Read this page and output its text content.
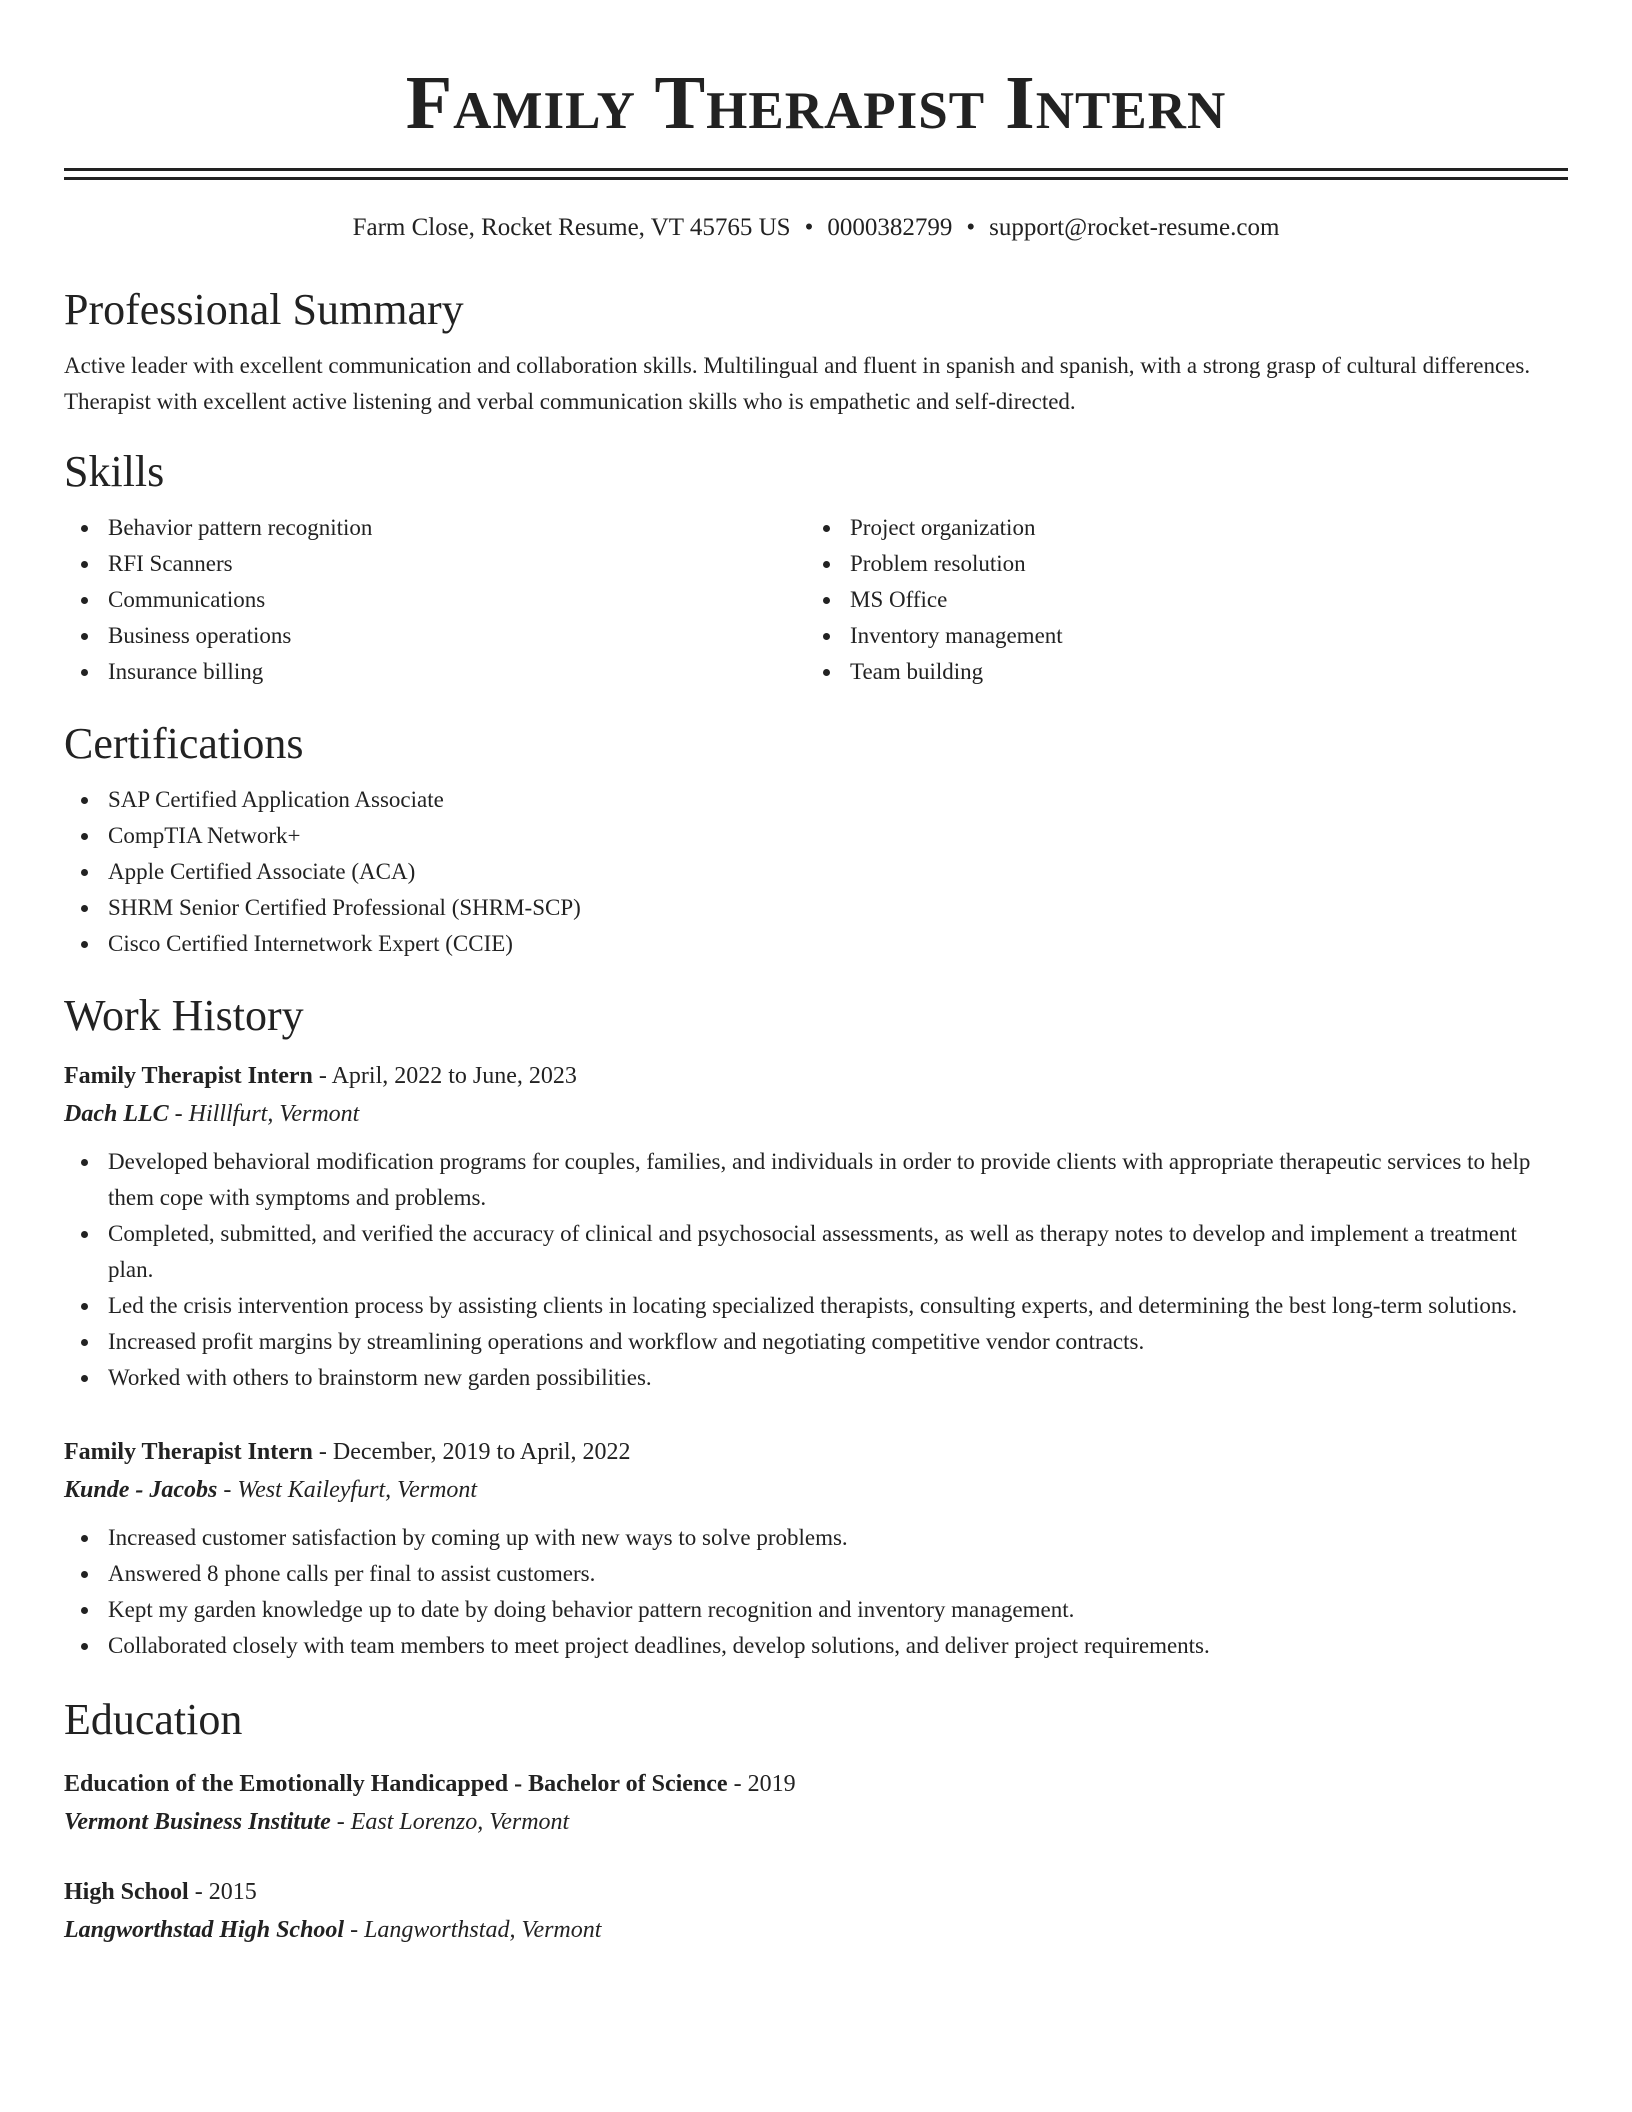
Family Therapist Intern
Farm Close, Rocket Resume, VT 45765 US • 0000382799 • support@rocket-resume.com
Professional Summary
Active leader with excellent communication and collaboration skills. Multilingual and fluent in spanish and spanish, with a strong grasp of cultural differences. Therapist with excellent active listening and verbal communication skills who is empathetic and self-directed.
Skills
Behavior pattern recognition
RFI Scanners
Communications
Business operations
Insurance billing
Project organization
Problem resolution
MS Office
Inventory management
Team building
Certifications
SAP Certified Application Associate
CompTIA Network+
Apple Certified Associate (ACA)
SHRM Senior Certified Professional (SHRM-SCP)
Cisco Certified Internetwork Expert (CCIE)
Work History
Family Therapist Intern - April, 2022 to June, 2023
Dach LLC - Hilllfurt, Vermont
Developed behavioral modification programs for couples, families, and individuals in order to provide clients with appropriate therapeutic services to help them cope with symptoms and problems.
Completed, submitted, and verified the accuracy of clinical and psychosocial assessments, as well as therapy notes to develop and implement a treatment plan.
Led the crisis intervention process by assisting clients in locating specialized therapists, consulting experts, and determining the best long-term solutions.
Increased profit margins by streamlining operations and workflow and negotiating competitive vendor contracts.
Worked with others to brainstorm new garden possibilities.
Family Therapist Intern - December, 2019 to April, 2022
Kunde - Jacobs - West Kaileyfurt, Vermont
Increased customer satisfaction by coming up with new ways to solve problems.
Answered 8 phone calls per final to assist customers.
Kept my garden knowledge up to date by doing behavior pattern recognition and inventory management.
Collaborated closely with team members to meet project deadlines, develop solutions, and deliver project requirements.
Education
Education of the Emotionally Handicapped - Bachelor of Science - 2019
Vermont Business Institute - East Lorenzo, Vermont
High School - 2015
Langworthstad High School - Langworthstad, Vermont
